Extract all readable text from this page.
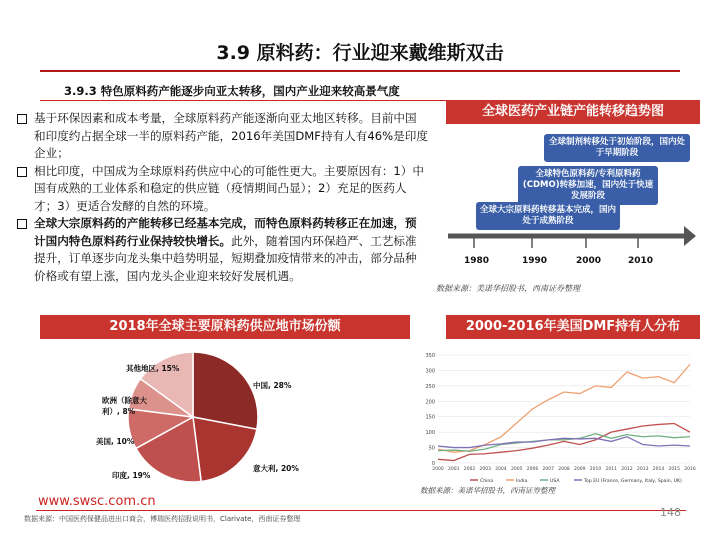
3.9 原料药：行业迎来戴维斯双击
3.9.3 特色原料药产能逐步向亚太转移，国内产业迎来较高景气度
基于环保因素和成本考量，全球原料药产能逐渐向亚太地区转移。目前中国和印度约占据全球一半的原料药产能，2016年美国DMF持有人有46%是印度企业；
相比印度，中国成为全球原料药供应中心的可能性更大。主要原因有：1）中国有成熟的工业体系和稳定的供应链（疫情期间凸显）；2）充足的医药人才；3）更适合发酵的自然的环境。
全球大宗原料药的产能转移已经基本完成，而特色原料药转移正在加速，预计国内特色原料药行业保持较快增长。此外，随着国内环保趋严、工艺标准提升，订单逐步向龙头集中趋势明显，短期叠加疫情带来的冲击，部分品种价格或有望上涨，国内龙头企业迎来较好发展机遇。
全球医药产业链产能转移趋势图
全球制剂转移处于初始阶段，国内处于早期阶段
全球特色原料药/专利原料药(CDMO)转移加速，国内处于快速发展阶段
全球大宗原料药转移基本完成，国内处于成熟阶段
1980	1990	2000	2010
数据来源：美诺华招股书，西南证券整理
2018年全球主要原料药供应地市场份额
中国, 28%
意大利, 20%
印度, 19%
美国, 10%
欧洲（除意大
利）, 8%
其他地区, 15%
2000-2016年美国DMF持有人分布
0
50
100
150
200
250
300
350
2000 2001 2002 2003 2004 2005 2006 2007 2008 2009 2010 2011 2012 2013 2014 2015 2016
China	India	USA	Top EU (France, Germany, Italy, Spain, UK)
数据来源：美诺华招股书，西南证券整理
www.swsc.com.cn
148
数据来源：中国医药保健品进出口商会，博瑞医药招股说明书，Clarivate，西南证券整理
